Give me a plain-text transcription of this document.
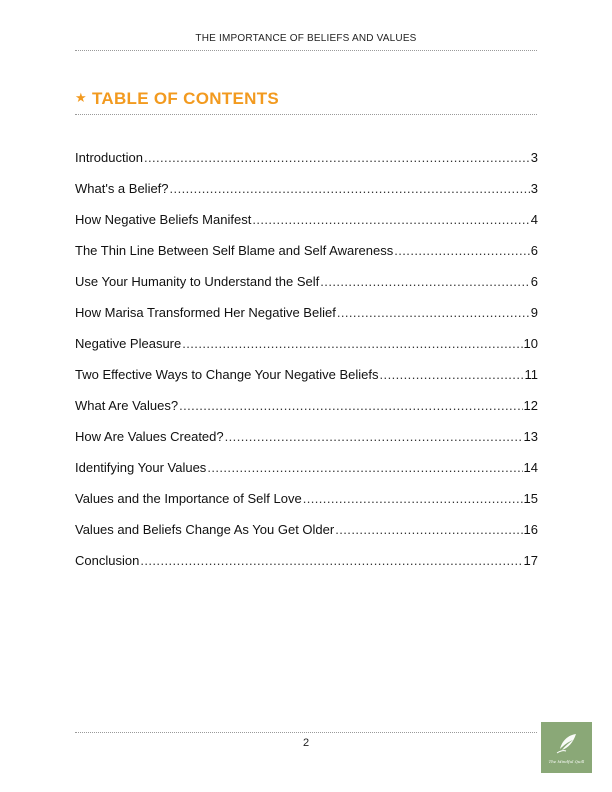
THE IMPORTANCE OF BELIEFS AND VALUES
★ TABLE OF CONTENTS
Introduction . . .	3
What's a Belief? . . .	3
How Negative Beliefs Manifest . . .	4
The Thin Line Between Self Blame and Self Awareness . . .	6
Use Your Humanity to Understand the Self . . .	6
How Marisa Transformed Her Negative Belief . . .	9
Negative Pleasure . . .	10
Two Effective Ways to Change Your Negative Beliefs . . .	11
What Are Values? . . .	12
How Are Values Created? . . .	13
Identifying Your Values . . .	14
Values and the Importance of Self Love . . .	15
Values and Beliefs Change As You Get Older . . .	16
Conclusion . . .	17
2
The Mindful Quill
